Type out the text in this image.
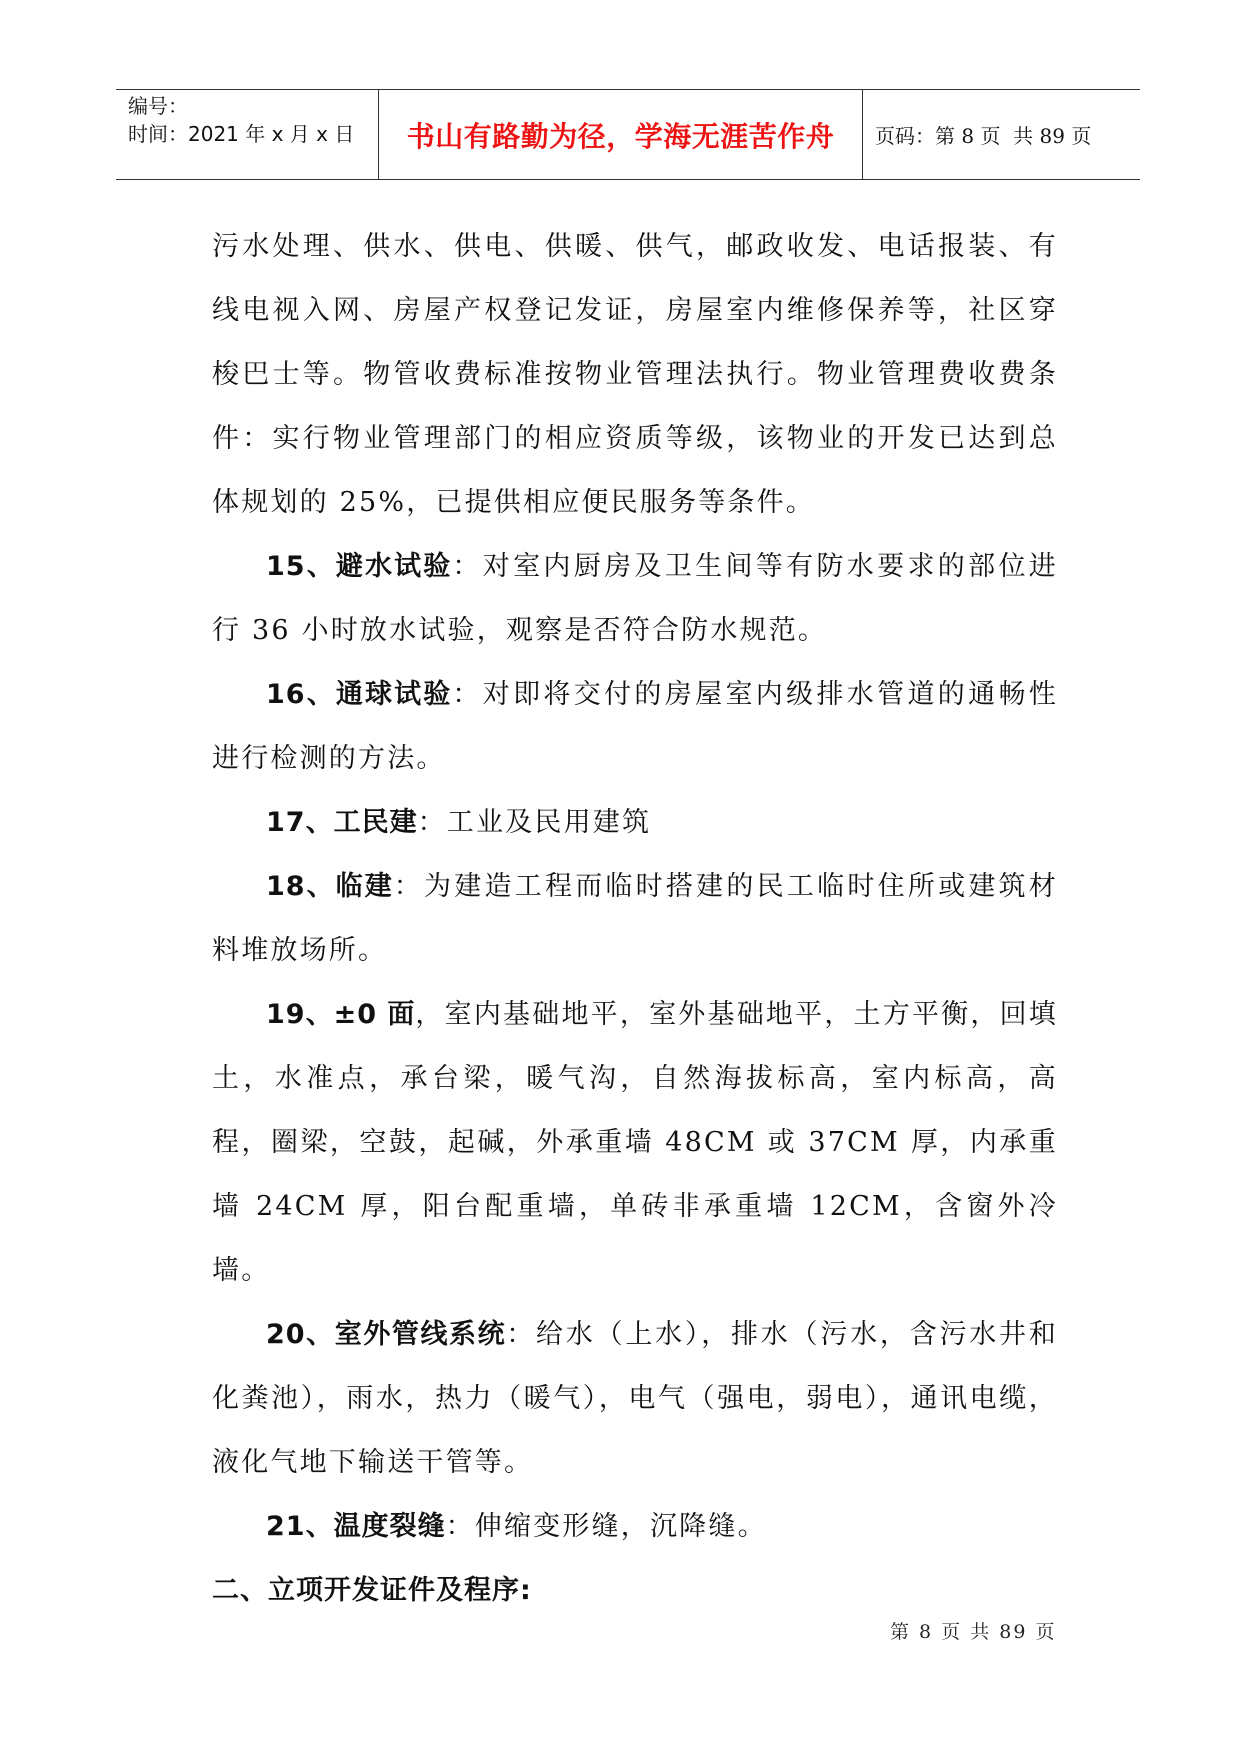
编号：
时间：2021 年 x 月 x 日	书山有路勤为径，学海无涯苦作舟	页码：第 8 页  共 89 页

污水处理、供水、供电、供暖、供气，邮政收发、电话报装、有线电视入网、房屋产权登记发证，房屋室内维修保养等，社区穿梭巴士等。物管收费标准按物业管理法执行。物业管理费收费条件：实行物业管理部门的相应资质等级，该物业的开发已达到总体规划的 25%，已提供相应便民服务等条件。

15、避水试验：对室内厨房及卫生间等有防水要求的部位进行 36 小时放水试验，观察是否符合防水规范。

16、通球试验：对即将交付的房屋室内级排水管道的通畅性进行检测的方法。

17、工民建：工业及民用建筑

18、临建：为建造工程而临时搭建的民工临时住所或建筑材料堆放场所。

19、±0 面，室内基础地平，室外基础地平，土方平衡，回填土，水准点，承台梁，暖气沟，自然海拔标高，室内标高，高程，圈梁，空鼓，起碱，外承重墙 48CM 或 37CM 厚，内承重墙 24CM 厚，阳台配重墙，单砖非承重墙 12CM，含窗外冷墙。

20、室外管线系统：给水（上水），排水（污水，含污水井和化粪池），雨水，热力（暖气），电气（强电，弱电），通讯电缆，液化气地下输送干管等。

21、温度裂缝：伸缩变形缝，沉降缝。

二、立项开发证件及程序:

第 8 页 共 89 页
